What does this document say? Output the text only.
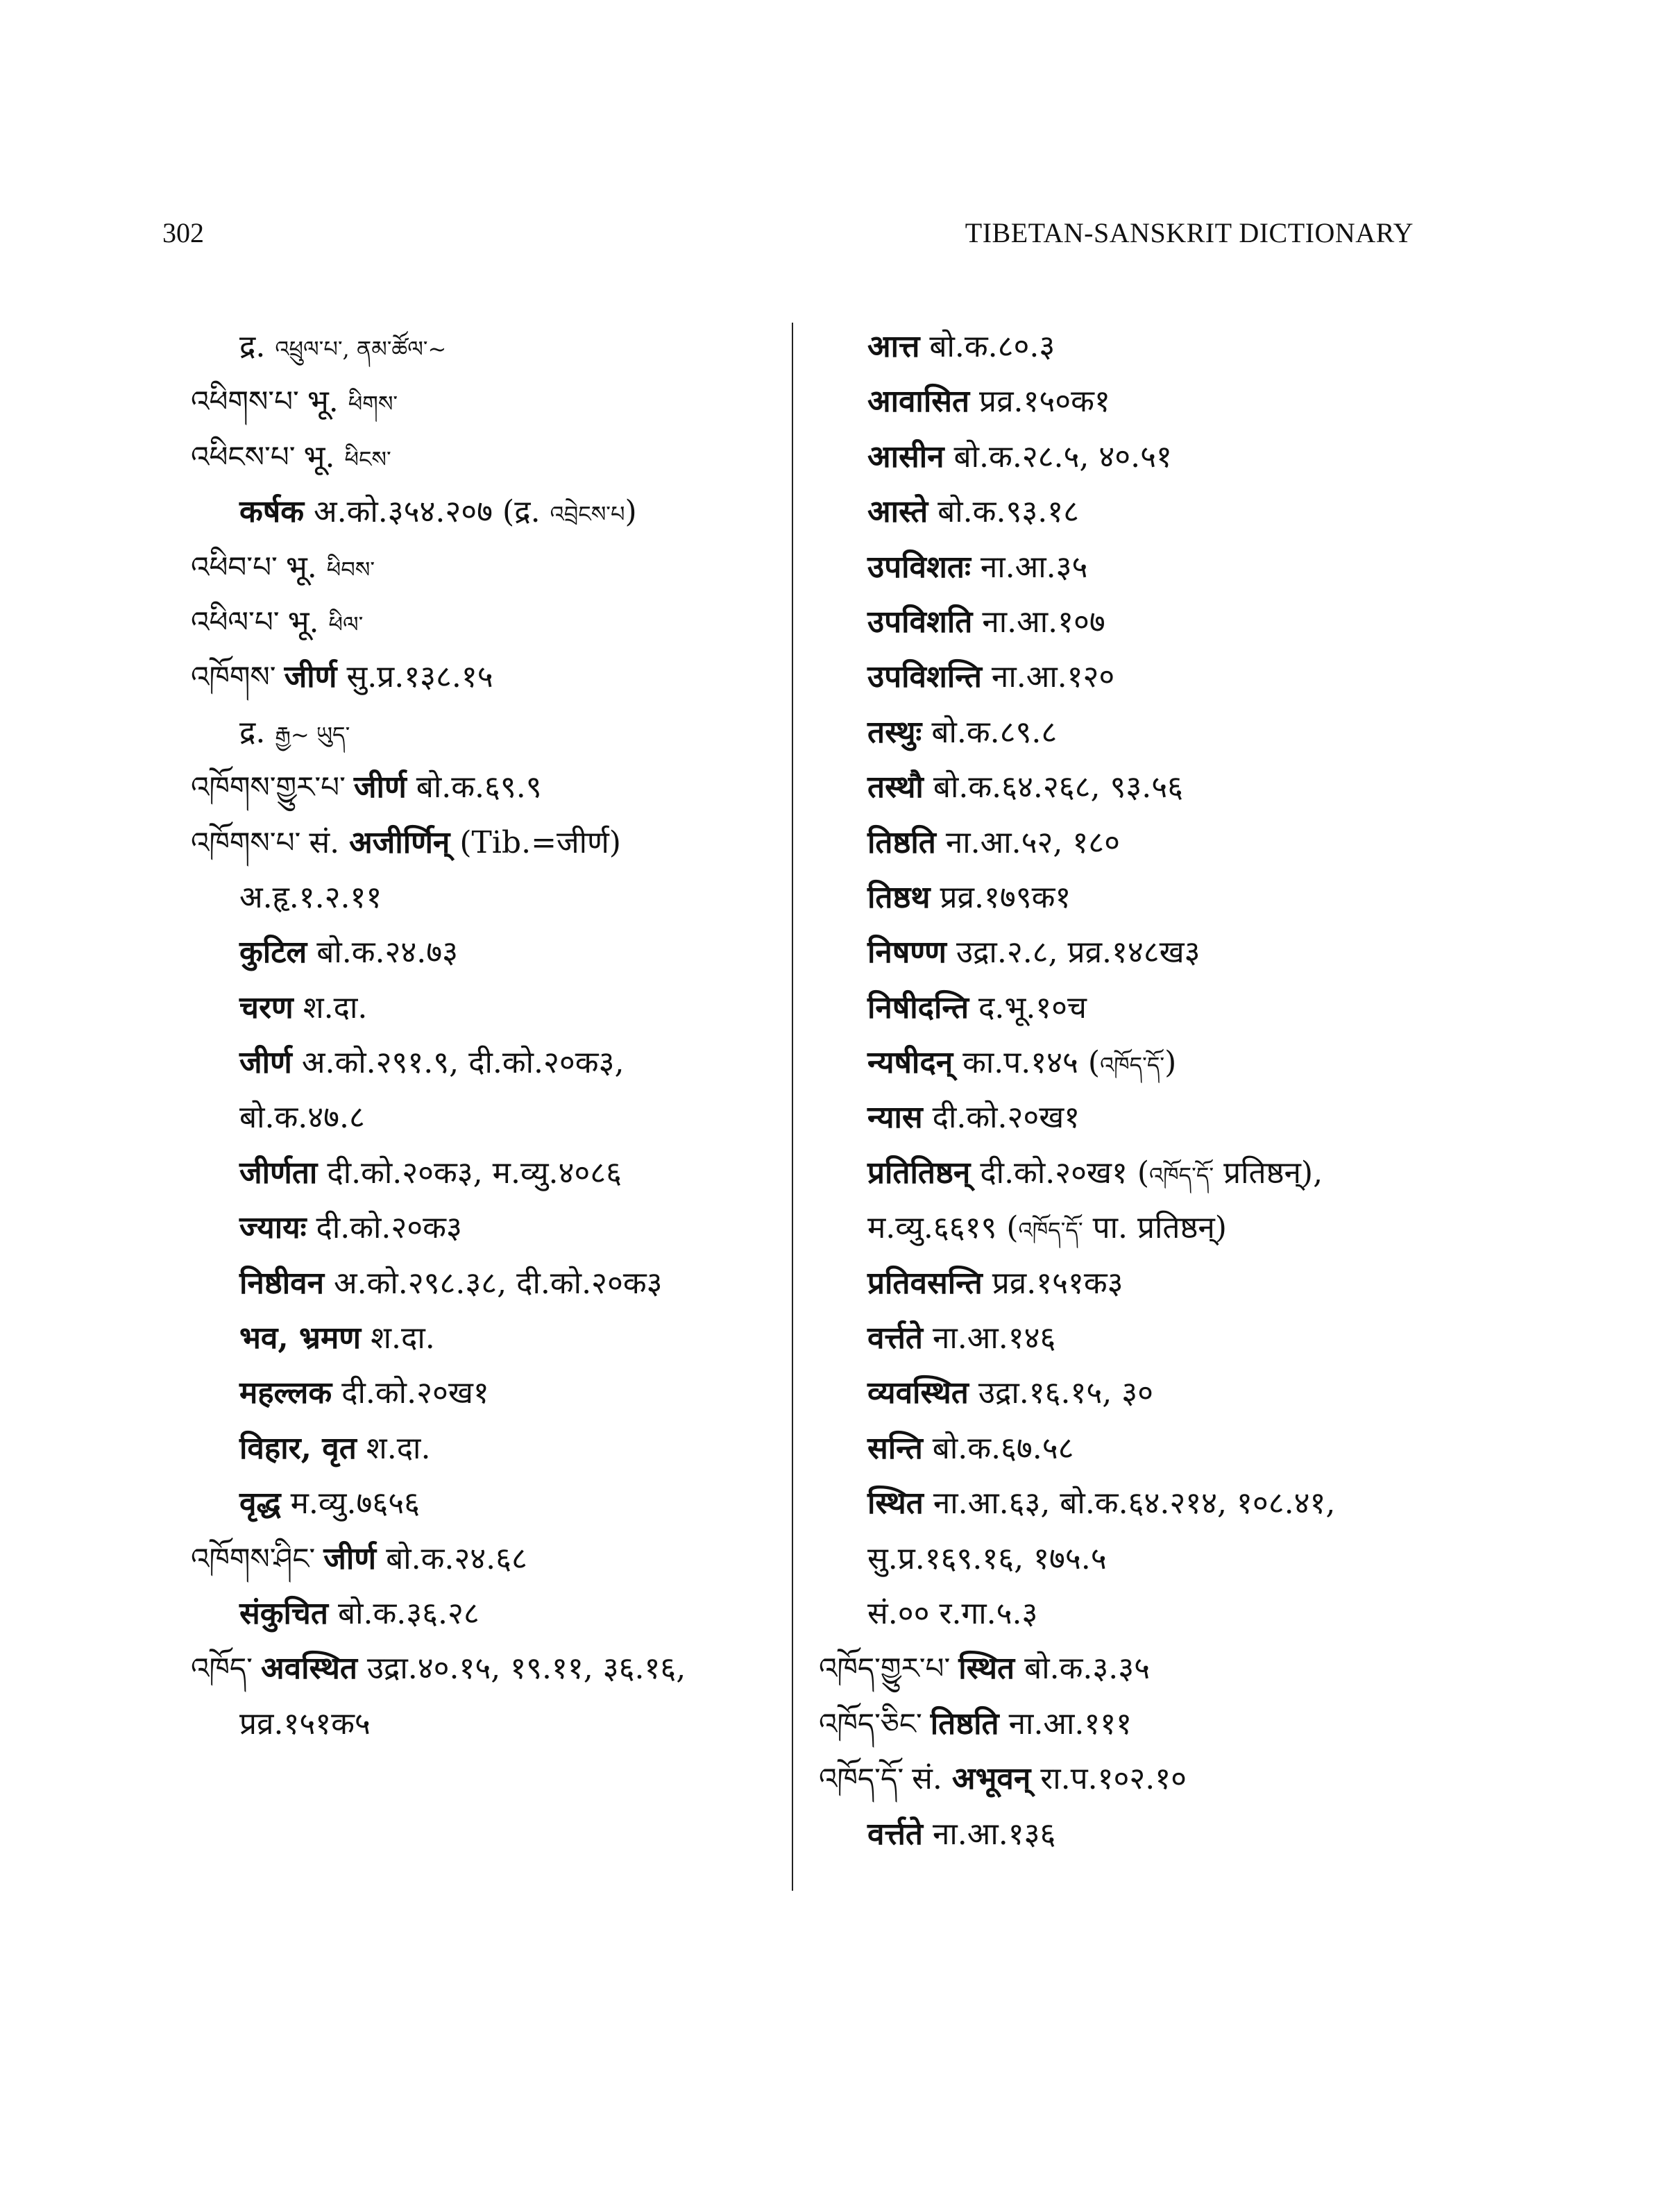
302	TIBETAN-SANSKRIT DICTIONARY
द्र. འཕྲུལ་པ་, ནམ་ཚོལ་~
འཕིགས་པ་ भू. ཕིགས་
འཕིངས་པ་ भू. ཕིངས་
कर्षक अ.को.३५४.२०७ (द्र. འབྲེངས་པ)
འཕིབ་པ་ भू. ཕིབས་
འཕིལ་པ་ भू. ཕིལ་
འཁོགས་ जीर्ण सु.प्र.१३८.१५
द्र. རྒྱ~ ཡུད་
འཁོགས་གྱུར་པ་ जीर्ण बो.क.६९.९
འཁོགས་པ་ सं. अजीर्णिन् (Tib.=जीर्ण)
अ.हृ.१.२.११
कुटिल बो.क.२४.७३
चरण श.दा.
जीर्ण अ.को.२९१.९, दी.को.२०क३,
बो.क.४७.८
जीर्णता दी.को.२०क३, म.व्यु.४०८६
ज्यायः दी.को.२०क३
निष्ठीवन अ.को.२९८.३८, दी.को.२०क३
भव, भ्रमण श.दा.
महल्लक दी.को.२०ख१
विहार, वृत श.दा.
वृद्ध म.व्यु.७६५६
འཁོགས་ཤིང་ जीर्ण बो.क.२४.६८
संकुचित बो.क.३६.२८
འཁོད་ अवस्थित उद्रा.४०.१५, १९.११, ३६.१६,
प्रव्र.१५१क५
आत्त बो.क.८०.३
आवासित प्रव्र.१५०क१
आसीन बो.क.२८.५, ४०.५१
आस्ते बो.क.९३.१८
उपविशतः ना.आ.३५
उपविशति ना.आ.१०७
उपविशन्ति ना.आ.१२०
तस्थुः बो.क.८९.८
तस्थौ बो.क.६४.२६८, ९३.५६
तिष्ठति ना.आ.५२, १८०
तिष्ठथ प्रव्र.१७९क१
निषण्ण उद्रा.२.८, प्रव्र.१४८ख३
निषीदन्ति द.भू.१०च
न्यषीदन् का.प.१४५ (འཁོད་དོ་)
न्यास दी.को.२०ख१
प्रतितिष्ठन् दी.को.२०ख१ (འཁོད་དོ་ प्रतिष्ठन्),
म.व्यु.६६१९ (འཁོད་དོ་ पा. प्रतिष्ठन्)
प्रतिवसन्ति प्रव्र.१५१क३
वर्त्तते ना.आ.१४६
व्यवस्थित उद्रा.१६.१५, ३०
सन्ति बो.क.६७.५८
स्थित ना.आ.६३, बो.क.६४.२१४, १०८.४१,
सु.प्र.१६९.१६, १७५.५
सं.०० र.गा.५.३
འཁོད་གྱུར་པ་ स्थित बो.क.३.३५
འཁོད་ཅིང་ तिष्ठति ना.आ.१११
འཁོད་དོ་ सं. अभूवन् रा.प.१०२.१०
वर्त्तते ना.आ.१३६
